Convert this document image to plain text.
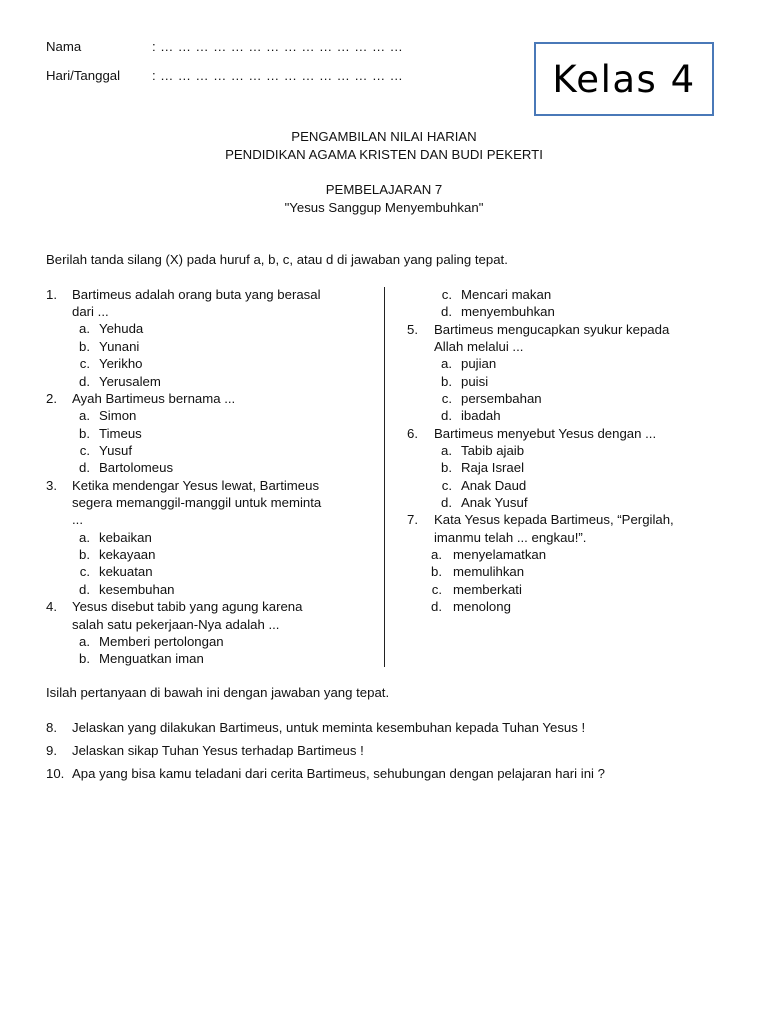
Nama	: … … … … … … … … … … … … … …
Hari/Tanggal : … … … … … … … … … … … … … …	Kelas 4
PENGAMBILAN NILAI HARIAN
PENDIDIKAN AGAMA KRISTEN DAN BUDI PEKERTI
PEMBELAJARAN 7
"Yesus Sanggup Menyembuhkan"
Berilah tanda silang (X) pada huruf a, b, c, atau d di jawaban yang paling tepat.
1. Bartimeus adalah orang buta yang berasal
dari ...
a. Yehuda
b. Yunani
c. Yerikho
d. Yerusalem
2. Ayah Bartimeus bernama ...
a. Simon
b. Timeus
c. Yusuf
d. Bartolomeus
3. Ketika mendengar Yesus lewat, Bartimeus
segera memanggil-manggil untuk meminta
...
a. kebaikan
b. kekayaan
c. kekuatan
d. kesembuhan
4. Yesus disebut tabib yang agung karena
salah satu pekerjaan-Nya adalah ...
a. Memberi pertolongan
b. Menguatkan iman
c. Mencari makan
d. menyembuhkan
5. Bartimeus mengucapkan syukur kepada
Allah melalui ...
a. pujian
b. puisi
c. persembahan
d. ibadah
6. Bartimeus menyebut Yesus dengan ...
a. Tabib ajaib
b. Raja Israel
c. Anak Daud
d. Anak Yusuf
7. Kata Yesus kepada Bartimeus, “Pergilah,
imanmu telah ... engkau!”.
a. menyelamatkan
b. memulihkan
c. memberkati
d. menolong
Isilah pertanyaan di bawah ini dengan jawaban yang tepat.
8. Jelaskan yang dilakukan Bartimeus, untuk meminta kesembuhan kepada Tuhan Yesus !
9. Jelaskan sikap Tuhan Yesus terhadap Bartimeus !
10. Apa yang bisa kamu teladani dari cerita Bartimeus, sehubungan dengan pelajaran hari ini ?
